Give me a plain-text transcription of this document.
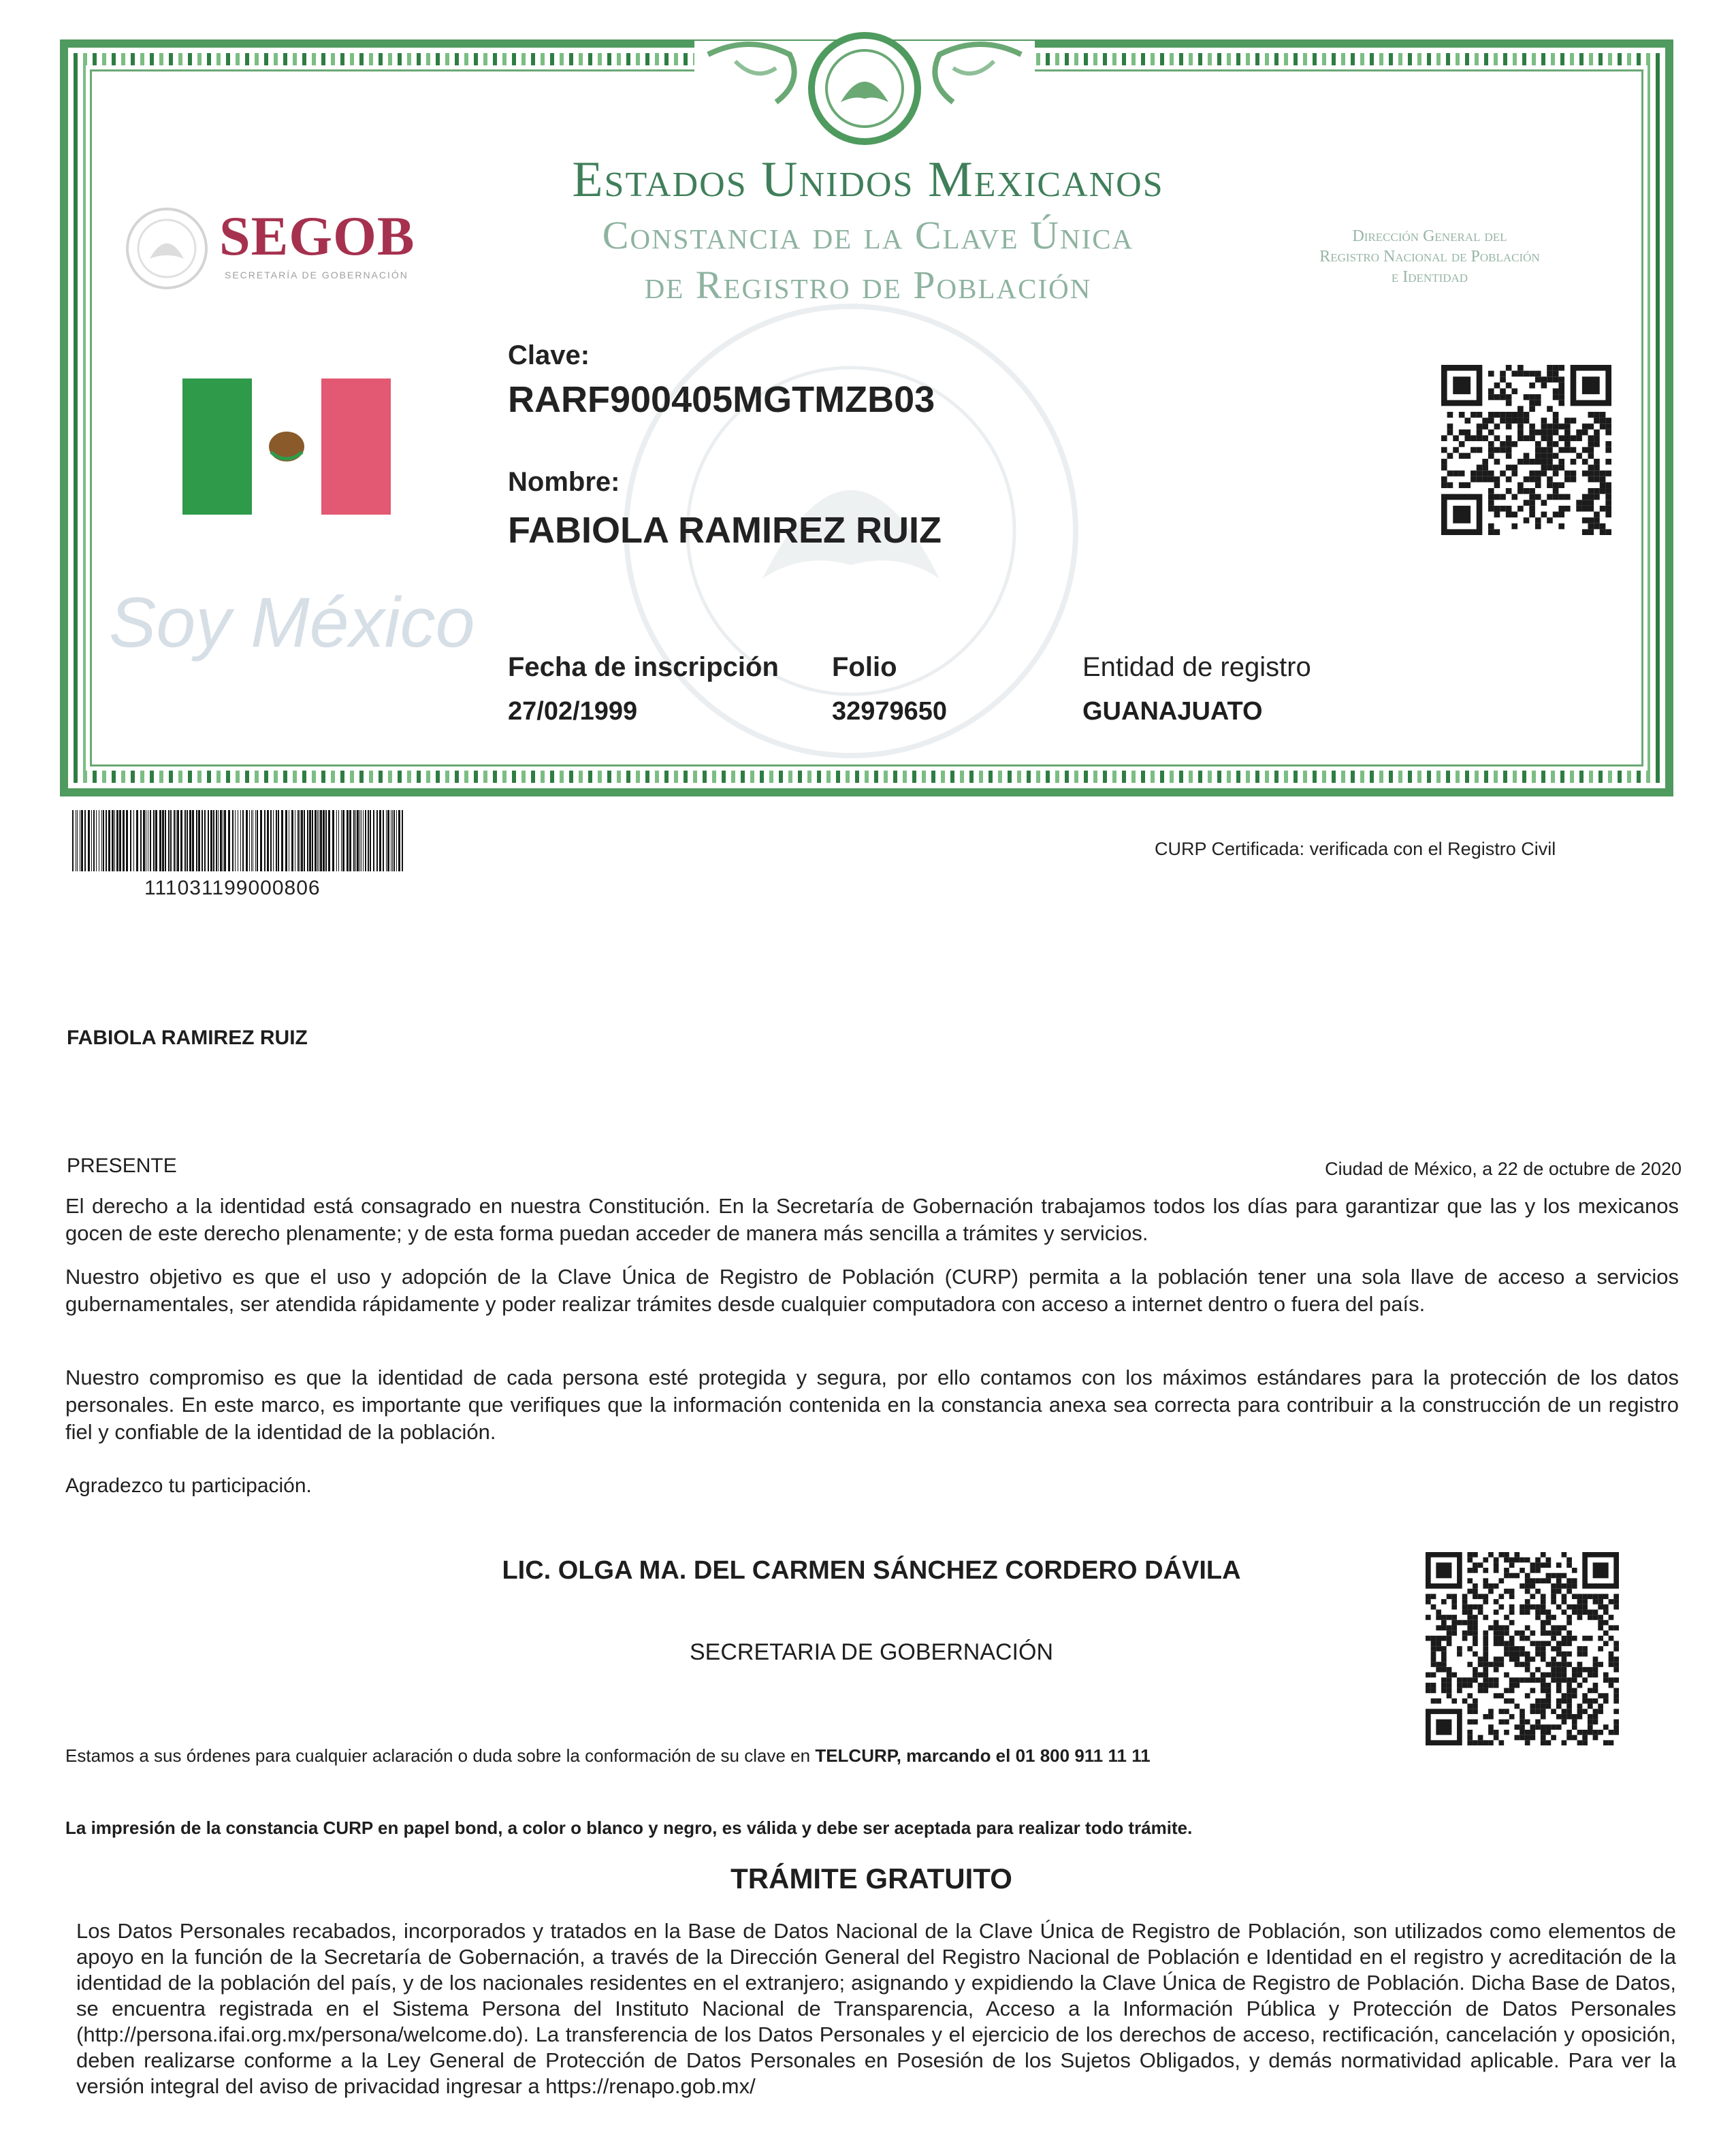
Estados Unidos Mexicanos
Constancia de la Clave Única
de Registro de Población
Dirección General del
Registro Nacional de Población
e Identidad
SEGOB
SECRETARÍA DE GOBERNACIÓN
Soy México
Clave:
RARF900405MGTMZB03
Nombre:
FABIOLA RAMIREZ RUIZ
Fecha de inscripción
27/02/1999
Folio
32979650
Entidad de registro
GUANAJUATO
111031199000806
CURP Certificada: verificada con el Registro Civil
FABIOLA RAMIREZ RUIZ
PRESENTE	Ciudad de México, a 22 de octubre de 2020
El derecho a la identidad está consagrado en nuestra Constitución. En la Secretaría de Gobernación trabajamos todos los días para garantizar que las y los mexicanos gocen de este derecho plenamente; y de esta forma puedan acceder de manera más sencilla a trámites y servicios.
Nuestro objetivo es que el uso y adopción de la Clave Única de Registro de Población (CURP) permita a la población tener una sola llave de acceso a servicios gubernamentales, ser atendida rápidamente y poder realizar trámites desde cualquier computadora con acceso a internet dentro o fuera del país.
Nuestro compromiso es que la identidad de cada persona esté protegida y segura, por ello contamos con los máximos estándares para la protección de los datos personales. En este marco, es importante que verifiques que la información contenida en la constancia anexa sea correcta para contribuir a la construcción de un registro fiel y confiable de la identidad de la población.
Agradezco tu participación.
LIC. OLGA MA. DEL CARMEN SÁNCHEZ CORDERO DÁVILA
SECRETARIA DE GOBERNACIÓN
Estamos a sus órdenes para cualquier aclaración o duda sobre la conformación de su clave en TELCURP, marcando el 01 800 911 11 11
La impresión de la constancia CURP en papel bond, a color o blanco y negro, es válida y debe ser aceptada para realizar todo trámite.
TRÁMITE GRATUITO
Los Datos Personales recabados, incorporados y tratados en la Base de Datos Nacional de la Clave Única de Registro de Población, son utilizados como elementos de apoyo en la función de la Secretaría de Gobernación, a través de la Dirección General del Registro Nacional de Población e Identidad en el registro y acreditación de la identidad de la población del país, y de los nacionales residentes en el extranjero; asignando y expidiendo la Clave Única de Registro de Población. Dicha Base de Datos, se encuentra registrada en el Sistema Persona del Instituto Nacional de Transparencia, Acceso a la Información Pública y Protección de Datos Personales (http://persona.ifai.org.mx/persona/welcome.do). La transferencia de los Datos Personales y el ejercicio de los derechos de acceso, rectificación, cancelación y oposición, deben realizarse conforme a la Ley General de Protección de Datos Personales en Posesión de los Sujetos Obligados, y demás normatividad aplicable. Para ver la versión integral del aviso de privacidad ingresar a https://renapo.gob.mx/
